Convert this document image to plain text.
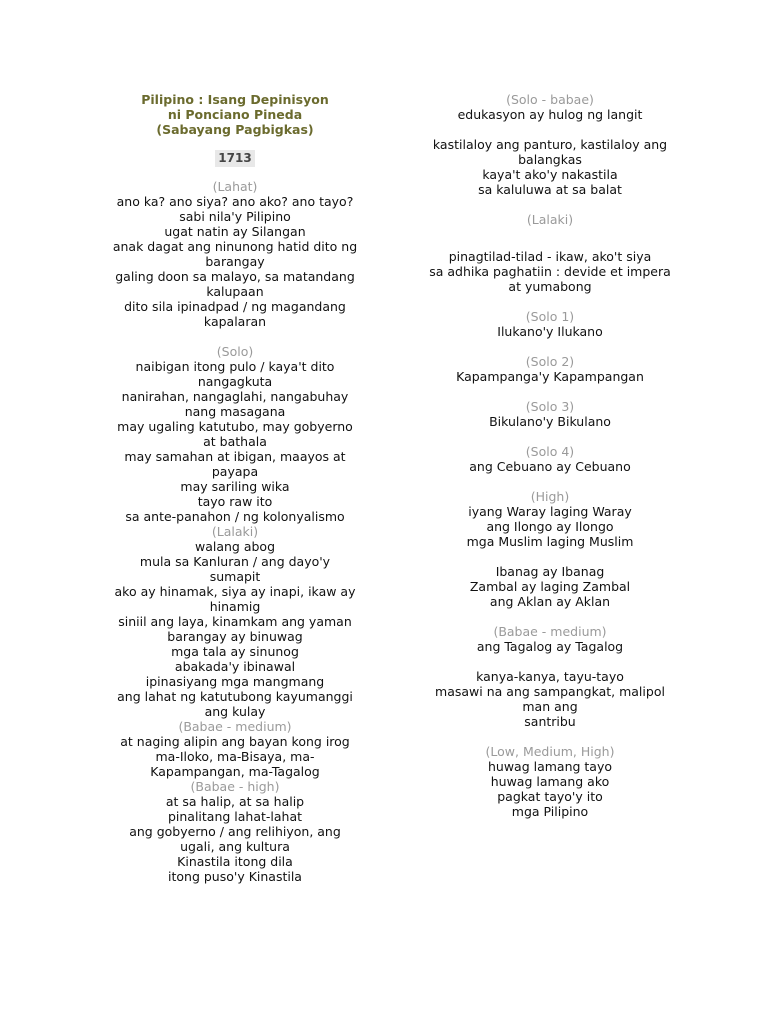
Pilipino : Isang Depinisyon
ni Ponciano Pineda
(Sabayang Pagbigkas)
1713
(Lahat)
ano ka? ano siya? ano ako? ano tayo?
sabi nila'y Pilipino
ugat natin ay Silangan
anak dagat ang ninunong hatid dito ng
barangay
galing doon sa malayo, sa matandang
kalupaan
dito sila ipinadpad / ng magandang
kapalaran
(Solo)
naibigan itong pulo / kaya't dito
nangagkuta
nanirahan, nangaglahi, nangabuhay
nang masagana
may ugaling katutubo, may gobyerno
at bathala
may samahan at ibigan, maayos at
payapa
may sariling wika
tayo raw ito
sa ante-panahon / ng kolonyalismo
(Lalaki)
walang abog
mula sa Kanluran / ang dayo'y
sumapit
ako ay hinamak, siya ay inapi, ikaw ay
hinamig
siniil ang laya, kinamkam ang yaman
barangay ay binuwag
mga tala ay sinunog
abakada'y ibinawal
ipinasiyang mga mangmang
ang lahat ng katutubong kayumanggi
ang kulay
(Babae - medium)
at naging alipin ang bayan kong irog
ma-Iloko, ma-Bisaya, ma-
Kapampangan, ma-Tagalog
(Babae - high)
at sa halip, at sa halip
pinalitang lahat-lahat
ang gobyerno / ang relihiyon, ang
ugali, ang kultura
Kinastila itong dila
itong puso'y Kinastila
(Solo - babae)
edukasyon ay hulog ng langit
kastilaloy ang panturo, kastilaloy ang
balangkas
kaya't ako'y nakastila
sa kaluluwa at sa balat
(Lalaki)
pinagtilad-tilad - ikaw, ako't siya
sa adhika paghatiin : devide et impera
at yumabong
(Solo 1)
Ilukano'y Ilukano
(Solo 2)
Kapampanga'y Kapampangan
(Solo 3)
Bikulano'y Bikulano
(Solo 4)
ang Cebuano ay Cebuano
(High)
iyang Waray laging Waray
ang Ilongo ay Ilongo
mga Muslim laging Muslim
Ibanag ay Ibanag
Zambal ay laging Zambal
ang Aklan ay Aklan
(Babae - medium)
ang Tagalog ay Tagalog
kanya-kanya, tayu-tayo
masawi na ang sampangkat, malipol
man ang
santribu
(Low, Medium, High)
huwag lamang tayo
huwag lamang ako
pagkat tayo'y ito
mga Pilipino
